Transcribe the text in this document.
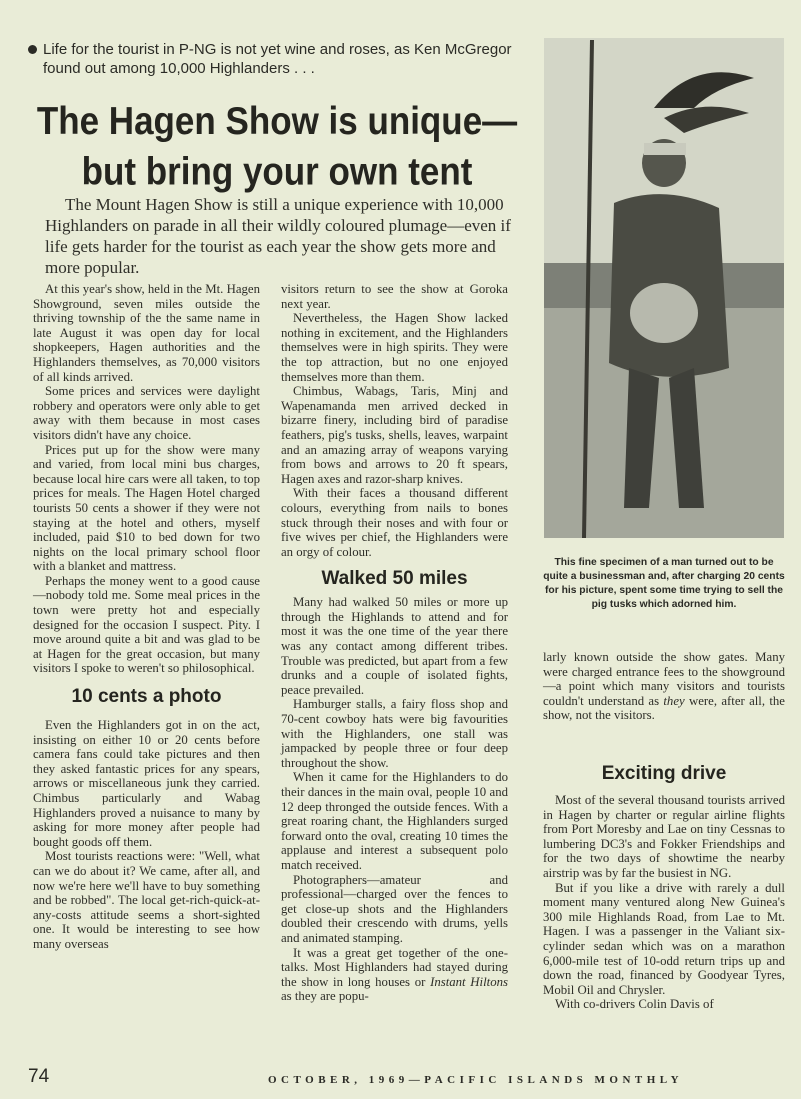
Life for the tourist in P-NG is not yet wine and roses, as Ken McGregor found out among 10,000 Highlanders . . .
The Hagen Show is unique—but bring your own tent

The Mount Hagen Show is still a unique experience with 10,000 Highlanders on parade in all their wildly coloured plumage—even if life gets harder for the tourist as each year the show gets more and more popular.

At this year's show, held in the Mt. Hagen Showground, seven miles outside the thriving township of the the same name in late August it was open day for local shopkeepers, Hagen authorities and the Highlanders themselves, as 70,000 visitors of all kinds arrived.

Some prices and services were daylight robbery and operators were only able to get away with them because in most cases visitors didn't have any choice.

Prices put up for the show were many and varied, from local mini bus charges, because local hire cars were all taken, to top prices for meals. The Hagen Hotel charged tourists 50 cents a shower if they were not staying at the hotel and others, myself included, paid $10 to bed down for two nights on the local primary school floor with a blanket and mattress.

Perhaps the money went to a good cause—nobody told me. Some meal prices in the town were pretty hot and especially designed for the occasion I suspect. Pity. I move around quite a bit and was glad to be at Hagen for the great occasion, but many visitors I spoke to weren't so philosophical.

10 cents a photo

Even the Highlanders got in on the act, insisting on either 10 or 20 cents before camera fans could take pictures and then they asked fantastic prices for any spears, arrows or miscellaneous junk they carried. Chimbus particularly and Wabag Highlanders proved a nuisance to many by asking for more money after people had bought goods off them.

Most tourists reactions were: "Well, what can we do about it? We came, after all, and now we're here we'll have to buy something and be robbed". The local get-rich-quick-at-any-costs attitude seems a short-sighted one. It would be interesting to see how many overseas

visitors return to see the show at Goroka next year.

Nevertheless, the Hagen Show lacked nothing in excitement, and the Highlanders themselves were in high spirits. They were the top attraction, but no one enjoyed themselves more than them.

Chimbus, Wabags, Taris, Minj and Wapenamanda men arrived decked in bizarre finery, including bird of paradise feathers, pig's tusks, shells, leaves, warpaint and an amazing array of weapons varying from bows and arrows to 20 ft spears, Hagen axes and razor-sharp knives.

With their faces a thousand different colours, everything from nails to bones stuck through their noses and with four or five wives per chief, the Highlanders were an orgy of colour.

Walked 50 miles

Many had walked 50 miles or more up through the Highlands to attend and for most it was the one time of the year there was any contact among different tribes. Trouble was predicted, but apart from a few drunks and a couple of isolated fights, peace prevailed.

Hamburger stalls, a fairy floss shop and 70-cent cowboy hats were big favourities with the Highlanders, one stall was jampacked by people three or four deep throughout the show.

When it came for the Highlanders to do their dances in the main oval, people 10 and 12 deep thronged the outside fences. With a great roaring chant, the Highlanders surged forward onto the oval, creating 10 times the applause and interest a subsequent polo match received.

Photographers—amateur and professional—charged over the fences to get close-up shots and the Highlanders doubled their crescendo with drums, yells and animated stamping.

It was a great get together of the one-talks. Most Highlanders had stayed during the show in long houses or Instant Hiltons as they are popu-

This fine specimen of a man turned out to be quite a businessman and, after charging 20 cents for his picture, spent some time trying to sell the pig tusks which adorned him.

larly known outside the show gates. Many were charged entrance fees to the showground—a point which many visitors and tourists couldn't understand as they were, after all, the show, not the visitors.

Exciting drive

Most of the several thousand tourists arrived in Hagen by charter or regular airline flights from Port Moresby and Lae on tiny Cessnas to lumbering DC3's and Fokker Friendships and for the two days of showtime the nearby airstrip was by far the busiest in NG.

But if you like a drive with rarely a dull moment many ventured along New Guinea's 300 mile Highlands Road, from Lae to Mt. Hagen. I was a passenger in the Valiant six-cylinder sedan which was on a marathon 6,000-mile test of 10-odd return trips up and down the road, financed by Goodyear Tyres, Mobil Oil and Chrysler.

With co-drivers Colin Davis of

74	OCTOBER, 1969—PACIFIC ISLANDS MONTHLY
